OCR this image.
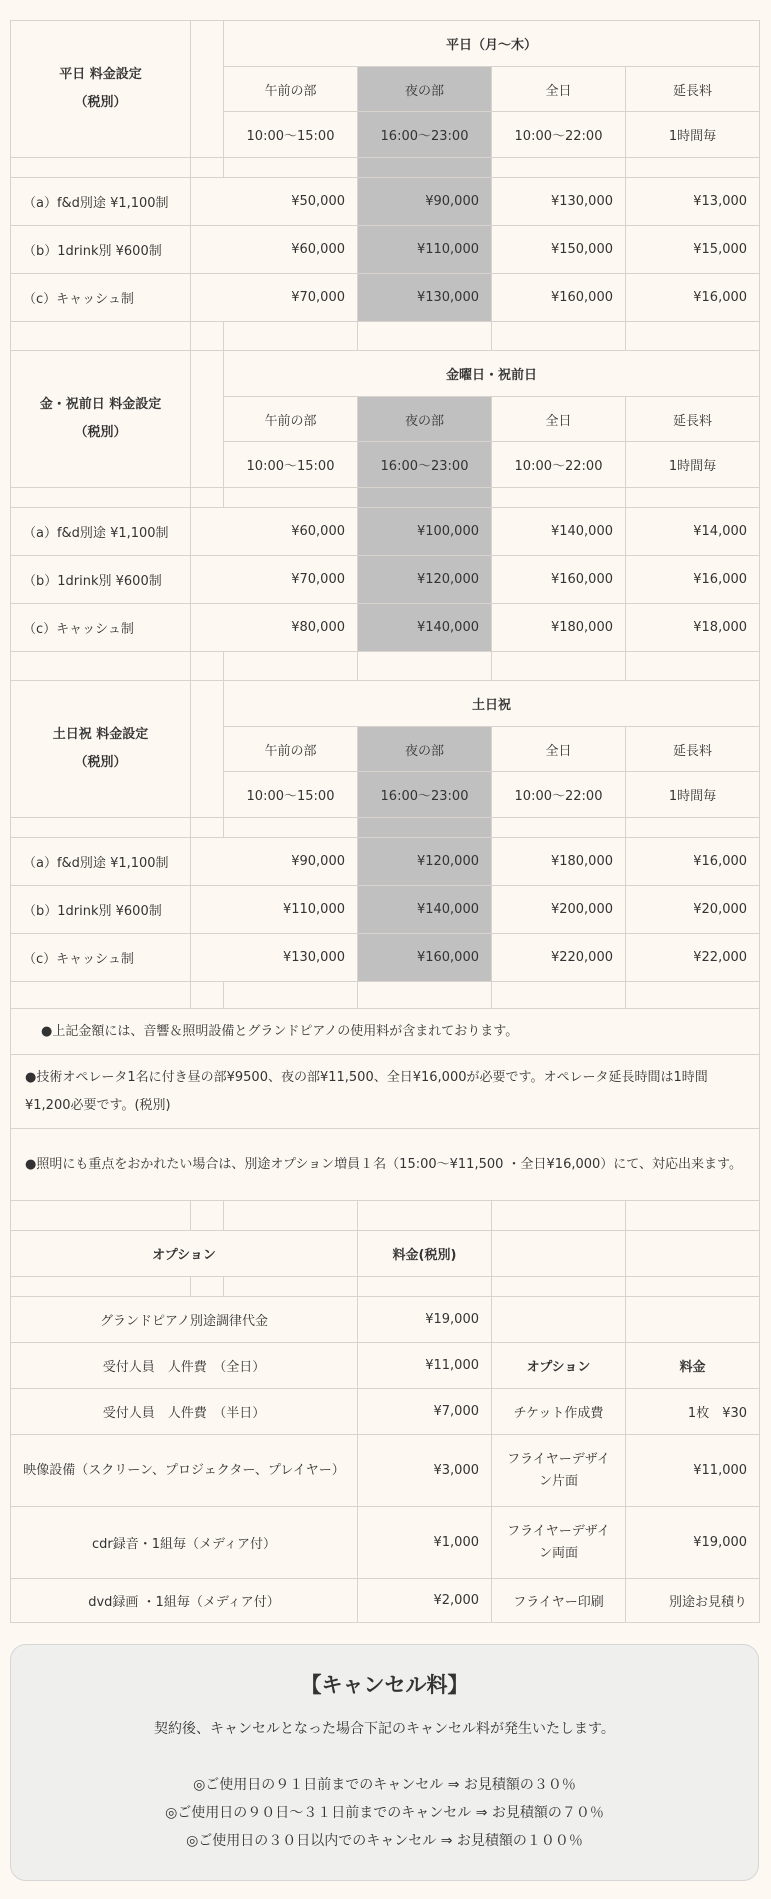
平日 料金設定
（税別）		平日（月〜木）			
		午前の部	夜の部	全日	延長料
		10:00〜15:00	16:00〜23:00	10:00〜22:00	1時間毎

（a）f&d別途 ¥1,100制	¥50,000		¥90,000	¥130,000	¥13,000
（b）1drink別 ¥600制	¥60,000		¥110,000	¥150,000	¥15,000
（c）キャッシュ制	¥70,000		¥130,000	¥160,000	¥16,000

金・祝前日 料金設定
（税別）		金曜日・祝前日			
		午前の部	夜の部	全日	延長料
		10:00〜15:00	16:00〜23:00	10:00〜22:00	1時間毎

（a）f&d別途 ¥1,100制	¥60,000		¥100,000	¥140,000	¥14,000
（b）1drink別 ¥600制	¥70,000		¥120,000	¥160,000	¥16,000
（c）キャッシュ制	¥80,000		¥140,000	¥180,000	¥18,000

土日祝 料金設定
（税別）		土日祝			
		午前の部	夜の部	全日	延長料
		10:00〜15:00	16:00〜23:00	10:00〜22:00	1時間毎

（a）f&d別途 ¥1,100制	¥90,000		¥120,000	¥180,000	¥16,000
（b）1drink別 ¥600制	¥110,000		¥140,000	¥200,000	¥20,000
（c）キャッシュ制	¥130,000		¥160,000	¥220,000	¥22,000

●上記金額には、音響＆照明設備とグランドピアノの使用料が含まれております。					
●技術オペレータ1名に付き昼の部¥9500、夜の部¥11,500、全日¥16,000が必要です。オペレータ延長時間は1時間¥1,200必要です。(税別)					
●照明にも重点をおかれたい場合は、別途オプション増員１名（15:00〜¥11,500 ・全日¥16,000）にて、対応出来ます。					

オプション			料金(税別)		

グランドピアノ別途調律代金			¥19,000		
受付人員　人件費　（全日）			¥11,000	オプション	料金
受付人員　人件費　（半日）			¥7,000	チケット作成費	1枚　¥30
映像設備（スクリーン、プロジェクター、プレイヤー）			¥3,000	フライヤーデザイン片面	¥11,000
cdr録音・1組毎（メディア付）			¥1,000	フライヤーデザイン両面	¥19,000
dvd録画 ・1組毎（メディア付）			¥2,000	フライヤー印刷	別途お見積り
【キャンセル料】
契約後、キャンセルとなった場合下記のキャンセル料が発生いたします。
◎ご使用日の９１日前までのキャンセル ⇒ お見積額の３０％
◎ご使用日の９０日〜３１日前までのキャンセル ⇒ お見積額の７０％
◎ご使用日の３０日以内でのキャンセル ⇒ お見積額の１００％
